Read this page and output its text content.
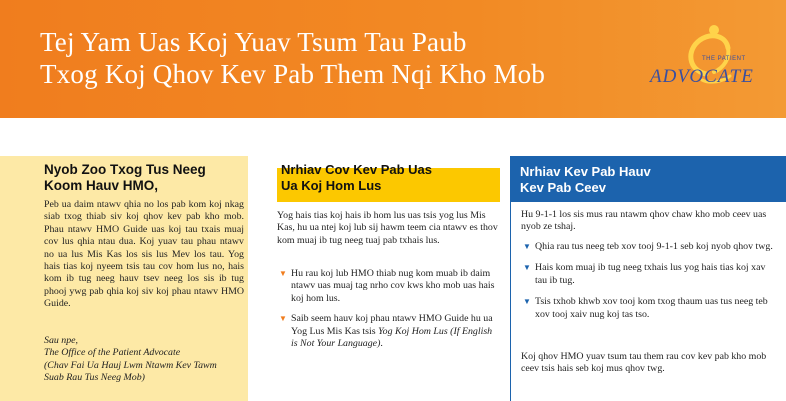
Tej Yam Uas Koj Yuav Tsum Tau Paub
Txog Koj Qhov Kev Pab Them Nqi Kho Mob	THE PATIENT
ADVOCATE
Nyob Zoo Txog Tus Neeg
Koom Hauv HMO,

Peb ua daim ntawv qhia no los pab kom koj nkag siab txog thiab siv koj qhov kev pab kho mob. Phau ntawv HMO Guide uas koj tau txais muaj cov lus qhia ntau dua. Koj yuav tau phau ntawv no ua lus Mis Kas los sis lus Mev los tau. Yog hais tias koj nyeem tsis tau cov hom lus no, hais kom ib tug neeg hauv tsev neeg los sis ib tug phooj ywg pab qhia koj siv koj phau ntawv HMO Guide.

Sau npe,
The Office of the Patient Advocate
(Chav Fai Ua Hauj Lwm Ntawm Kev Tawm
Suab Rau Tus Neeg Mob)
Nrhiav Cov Kev Pab Uas
Ua Koj Hom Lus

Yog hais tias koj hais ib hom lus uas tsis yog lus Mis Kas, hu ua ntej koj lub sij hawm teem cia ntawv es thov kom muaj ib tug neeg tuaj pab txhais lus.

▼ Hu rau koj lub HMO thiab nug kom muab ib daim ntawv uas muaj tag nrho cov kws kho mob uas hais koj hom lus.
▼ Saib seem hauv koj phau ntawv HMO Guide hu ua Yog Lus Mis Kas tsis Yog Koj Hom Lus (If English is Not Your Language).
Nrhiav Kev Pab Hauv
Kev Pab Ceev

Hu 9-1-1 los sis mus rau ntawm qhov chaw kho mob ceev uas nyob ze tshaj.

▼ Qhia rau tus neeg teb xov tooj 9-1-1 seb koj nyob qhov twg.
▼ Hais kom muaj ib tug neeg txhais lus yog hais tias koj xav tau ib tug.
▼ Tsis txhob khwb xov tooj kom txog thaum uas tus neeg teb xov tooj xaiv nug koj tas tso.

Koj qhov HMO yuav tsum tau them rau cov kev pab kho mob ceev tsis hais seb koj mus qhov twg.
